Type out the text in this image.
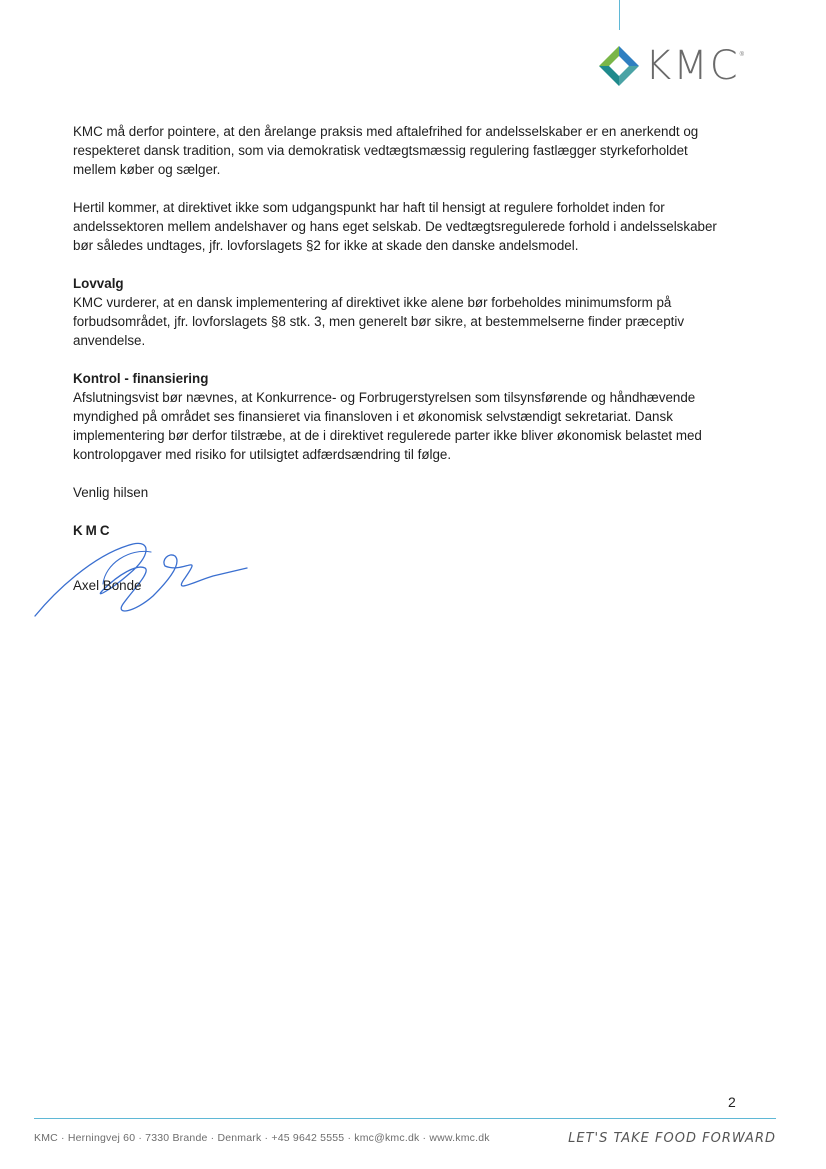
KMC ®

KMC må derfor pointere, at den årelange praksis med aftalefrihed for andelsselskaber er en anerkendt og respekteret dansk tradition, som via demokratisk vedtægtsmæssig regulering fastlægger styrkeforholdet mellem køber og sælger.

Hertil kommer, at direktivet ikke som udgangspunkt har haft til hensigt at regulere forholdet inden for andelssektoren mellem andelshaver og hans eget selskab. De vedtægtsregulerede forhold i andelsselskaber bør således undtages, jfr. lovforslagets §2 for ikke at skade den danske andelsmodel.

Lovvalg

KMC vurderer, at en dansk implementering af direktivet ikke alene bør forbeholdes minimumsform på forbudsområdet, jfr. lovforslagets §8 stk. 3, men generelt bør sikre, at bestemmelserne finder præceptiv anvendelse.

Kontrol - finansiering

Afslutningsvist bør nævnes, at Konkurrence- og Forbrugerstyrelsen som tilsynsførende og håndhævende myndighed på området ses finansieret via finansloven i et økonomisk selvstændigt sekretariat. Dansk implementering bør derfor tilstræbe, at de i direktivet regulerede parter ikke bliver økonomisk belastet med kontrolopgaver med risiko for utilsigtet adfærdsændring til følge.

Venlig hilsen
KMC
Axel Bonde
2
KMC · Herningvej 60 · 7330 Brande · Denmark · +45 9642 5555 · kmc@kmc.dk · www.kmc.dk	LET'S TAKE FOOD FORWARD
